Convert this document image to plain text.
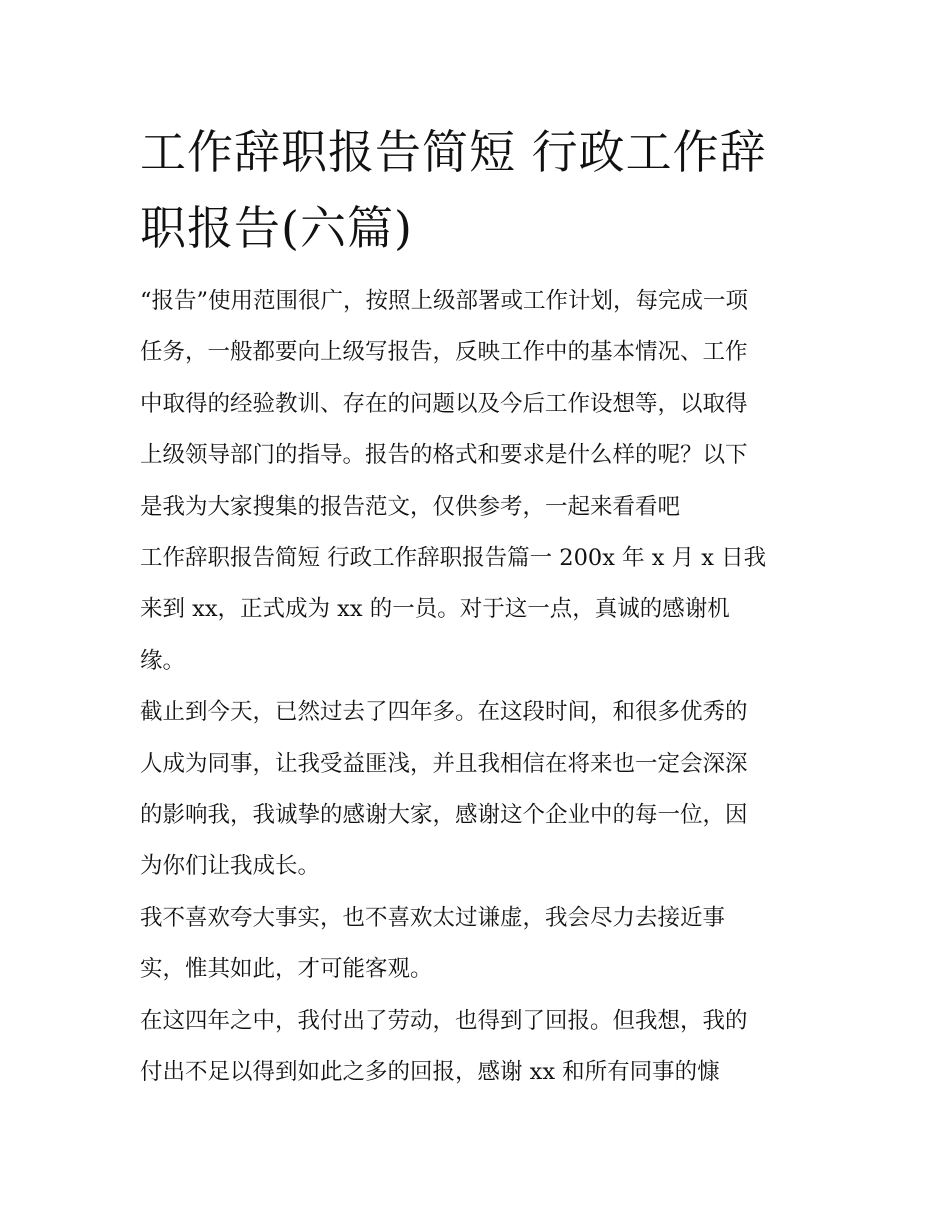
工作辞职报告简短 行政工作辞
职报告(六篇)

“报告”使用范围很广，按照上级部署或工作计划，每完成一项
任务，一般都要向上级写报告，反映工作中的基本情况、工作
中取得的经验教训、存在的问题以及今后工作设想等，以取得
上级领导部门的指导。报告的格式和要求是什么样的呢？以下
是我为大家搜集的报告范文，仅供参考，一起来看看吧

工作辞职报告简短 行政工作辞职报告篇一 200x 年 x 月 x 日我
来到 xx，正式成为 xx 的一员。对于这一点，真诚的感谢机
缘。

截止到今天，已然过去了四年多。在这段时间，和很多优秀的
人成为同事，让我受益匪浅，并且我相信在将来也一定会深深
的影响我，我诚挚的感谢大家，感谢这个企业中的每一位，因
为你们让我成长。

我不喜欢夸大事实，也不喜欢太过谦虚，我会尽力去接近事
实，惟其如此，才可能客观。

在这四年之中，我付出了劳动，也得到了回报。但我想，我的
付出不足以得到如此之多的回报，感谢 xx 和所有同事的慷
